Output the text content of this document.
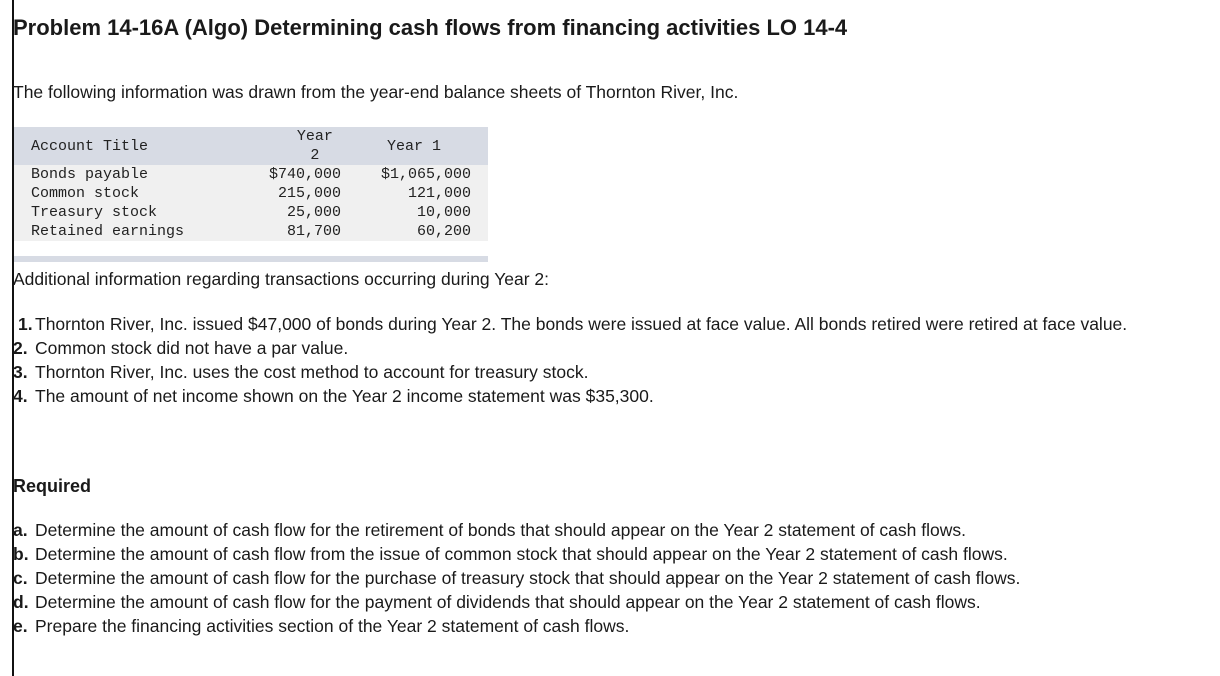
Problem 14-16A (Algo) Determining cash flows from financing activities LO 14-4
The following information was drawn from the year-end balance sheets of Thornton River, Inc.
Account Title	Year 2	Year 1
Bonds payable	$740,000	$1,065,000
Common stock	215,000	121,000
Treasury stock	25,000	10,000
Retained earnings	81,700	60,200
Additional information regarding transactions occurring during Year 2:
1. Thornton River, Inc. issued $47,000 of bonds during Year 2. The bonds were issued at face value. All bonds retired were retired at face value.
2. Common stock did not have a par value.
3. Thornton River, Inc. uses the cost method to account for treasury stock.
4. The amount of net income shown on the Year 2 income statement was $35,300.
Required
a. Determine the amount of cash flow for the retirement of bonds that should appear on the Year 2 statement of cash flows.
b. Determine the amount of cash flow from the issue of common stock that should appear on the Year 2 statement of cash flows.
c. Determine the amount of cash flow for the purchase of treasury stock that should appear on the Year 2 statement of cash flows.
d. Determine the amount of cash flow for the payment of dividends that should appear on the Year 2 statement of cash flows.
e. Prepare the financing activities section of the Year 2 statement of cash flows.
